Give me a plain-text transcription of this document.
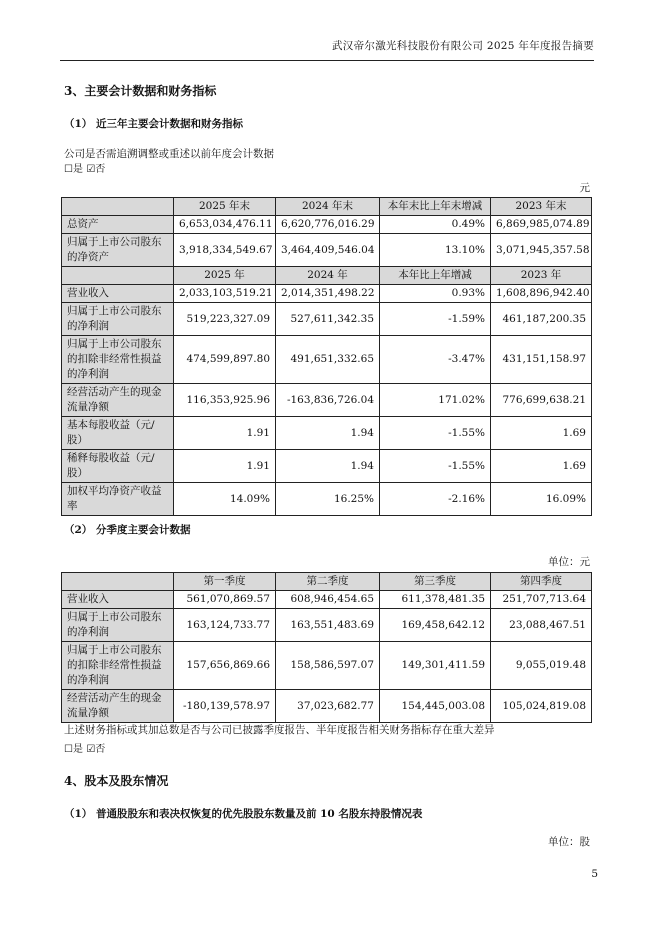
武汉帝尔激光科技股份有限公司 2025 年年度报告摘要
3、主要会计数据和财务指标
（1） 近三年主要会计数据和财务指标
公司是否需追溯调整或重述以前年度会计数据
☐是 ☑否
元
	2025 年末	2024 年末	本年末比上年末增减	2023 年末
总资产	6,653,034,476.11	6,620,776,016.29	0.49%	6,869,985,074.89
归属于上市公司股东的净资产	3,918,334,549.67	3,464,409,546.04	13.10%	3,071,945,357.58
	2025 年	2024 年	本年比上年增减	2023 年
营业收入	2,033,103,519.21	2,014,351,498.22	0.93%	1,608,896,942.40
归属于上市公司股东的净利润	519,223,327.09	527,611,342.35	-1.59%	461,187,200.35
归属于上市公司股东的扣除非经常性损益的净利润	474,599,897.80	491,651,332.65	-3.47%	431,151,158.97
经营活动产生的现金流量净额	116,353,925.96	-163,836,726.04	171.02%	776,699,638.21
基本每股收益（元/股）	1.91	1.94	-1.55%	1.69
稀释每股收益（元/股）	1.91	1.94	-1.55%	1.69
加权平均净资产收益率	14.09%	16.25%	-2.16%	16.09%
（2） 分季度主要会计数据
单位：元
	第一季度	第二季度	第三季度	第四季度
营业收入	561,070,869.57	608,946,454.65	611,378,481.35	251,707,713.64
归属于上市公司股东的净利润	163,124,733.77	163,551,483.69	169,458,642.12	23,088,467.51
归属于上市公司股东的扣除非经常性损益的净利润	157,656,869.66	158,586,597.07	149,301,411.59	9,055,019.48
经营活动产生的现金流量净额	-180,139,578.97	37,023,682.77	154,445,003.08	105,024,819.08
上述财务指标或其加总数是否与公司已披露季度报告、半年度报告相关财务指标存在重大差异
☐是 ☑否
4、股本及股东情况
（1） 普通股股东和表决权恢复的优先股股东数量及前 10 名股东持股情况表
单位：股
5
